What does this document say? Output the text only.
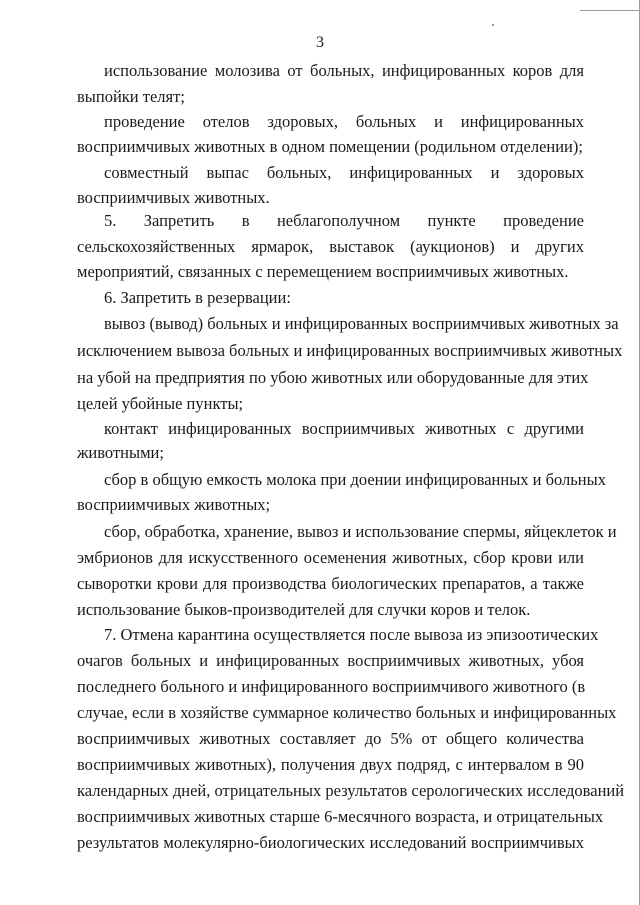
3
использование молозива от больных, инфицированных коров для
выпойки телят;
проведение отелов здоровых, больных и инфицированных
восприимчивых животных в одном помещении (родильном отделении);
совместный выпас больных, инфицированных и здоровых
восприимчивых животных.
5. Запретить в неблагополучном пункте проведение
сельскохозяйственных ярмарок, выставок (аукционов) и других
мероприятий, связанных с перемещением восприимчивых животных.
6. Запретить в резервации:
вывоз (вывод) больных и инфицированных восприимчивых животных за
исключением вывоза больных и инфицированных восприимчивых животных
на убой на предприятия по убою животных или оборудованные для этих
целей убойные пункты;
контакт инфицированных восприимчивых животных с другими
животными;
сбор в общую емкость молока при доении инфицированных и больных
восприимчивых животных;
сбор, обработка, хранение, вывоз и использование спермы, яйцеклеток и
эмбрионов для искусственного осеменения животных, сбор крови или
сыворотки крови для производства биологических препаратов, а также
использование быков-производителей для случки коров и телок.
7. Отмена карантина осуществляется после вывоза из эпизоотических
очагов больных и инфицированных восприимчивых животных, убоя
последнего больного и инфицированного восприимчивого животного (в
случае, если в хозяйстве суммарное количество больных и инфицированных
восприимчивых животных составляет до 5% от общего количества
восприимчивых животных), получения двух подряд, с интервалом в 90
календарных дней, отрицательных результатов серологических исследований
восприимчивых животных старше 6-месячного возраста, и отрицательных
результатов молекулярно-биологических исследований восприимчивых
